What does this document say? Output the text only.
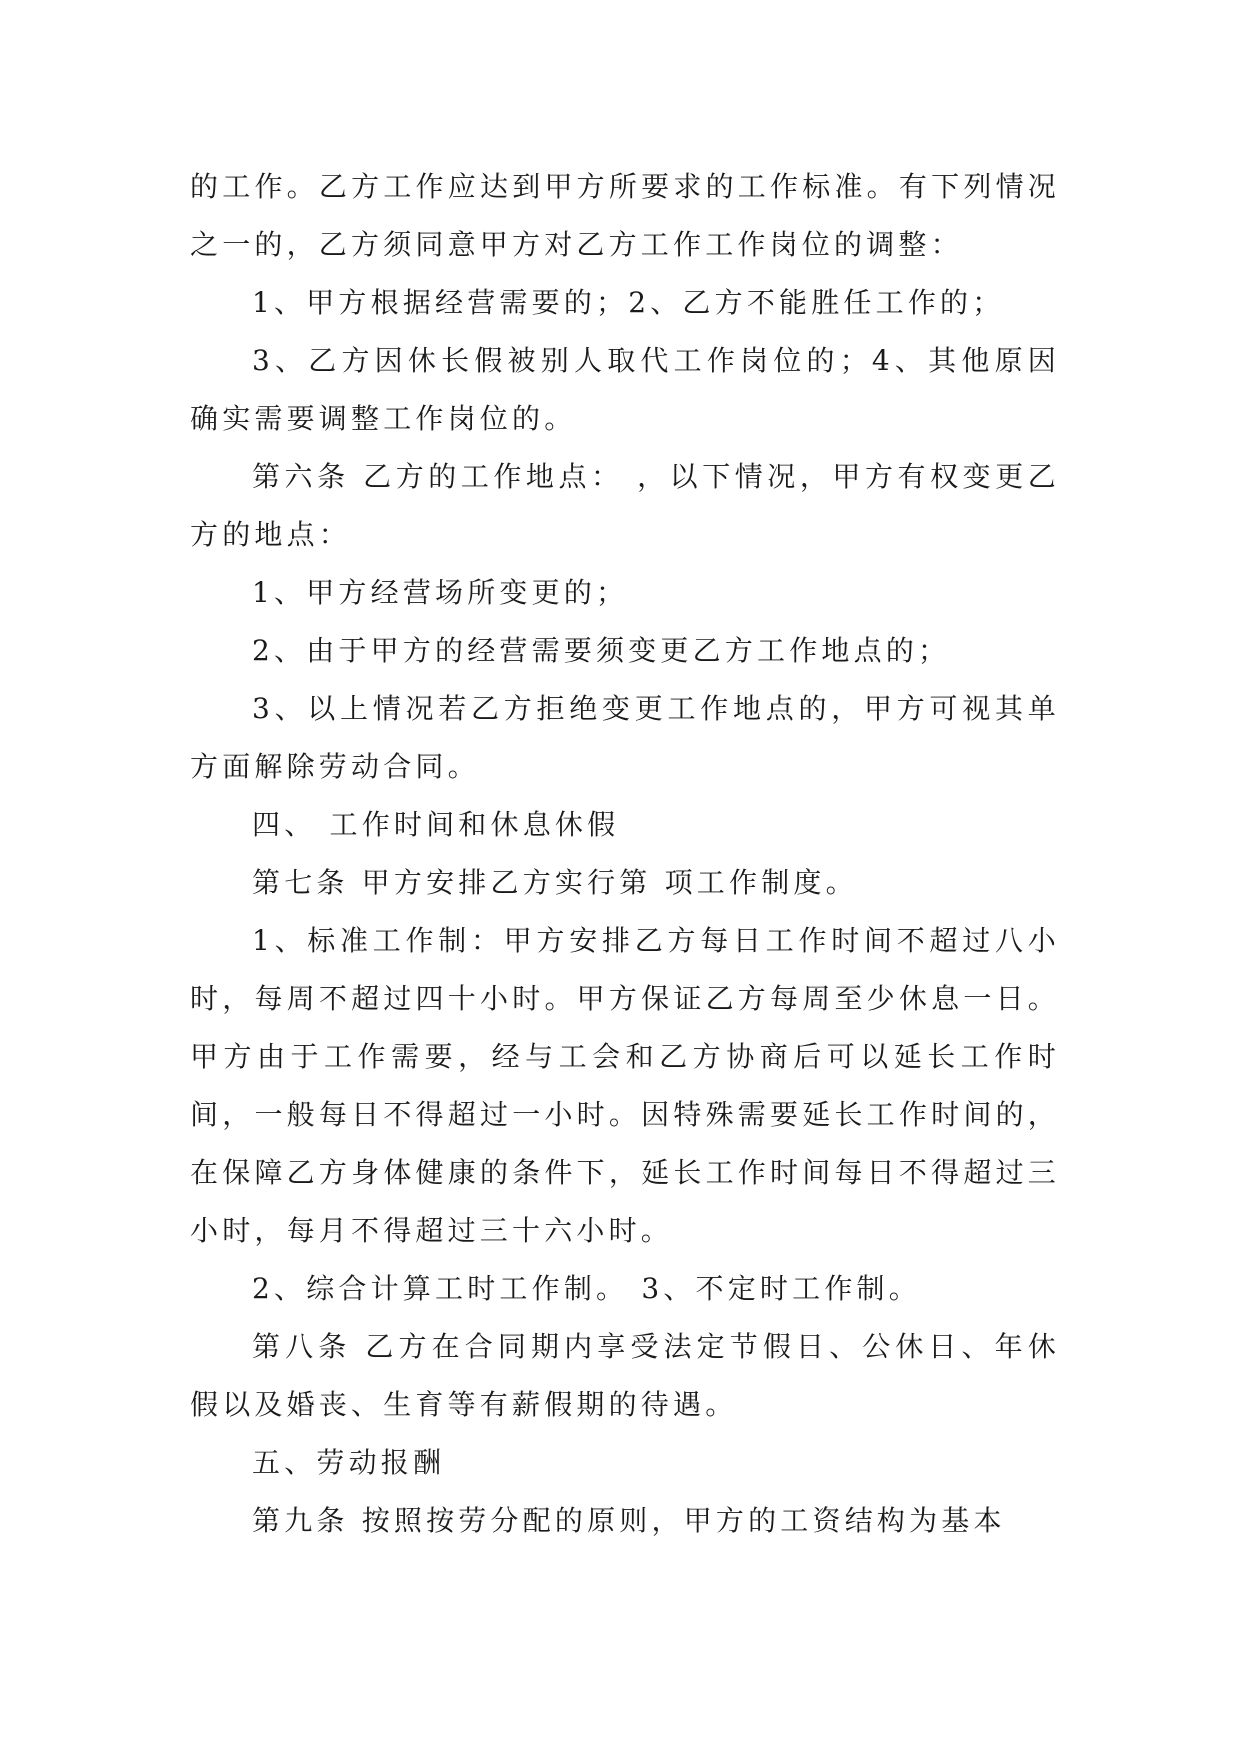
的工作。乙方工作应达到甲方所要求的工作标准。有下列情况之一的，乙方须同意甲方对乙方工作工作岗位的调整：

1、甲方根据经营需要的；2、乙方不能胜任工作的；

3、乙方因休长假被别人取代工作岗位的；4、其他原因确实需要调整工作岗位的。

第六条 乙方的工作地点： ，以下情况，甲方有权变更乙方的地点：

1、甲方经营场所变更的；

2、由于甲方的经营需要须变更乙方工作地点的；

3、以上情况若乙方拒绝变更工作地点的，甲方可视其单方面解除劳动合同。

四、 工作时间和休息休假

第七条 甲方安排乙方实行第 项工作制度。

1、标准工作制：甲方安排乙方每日工作时间不超过八小时，每周不超过四十小时。甲方保证乙方每周至少休息一日。甲方由于工作需要，经与工会和乙方协商后可以延长工作时间，一般每日不得超过一小时。因特殊需要延长工作时间的，在保障乙方身体健康的条件下，延长工作时间每日不得超过三小时，每月不得超过三十六小时。

2、综合计算工时工作制。 3、不定时工作制。

第八条 乙方在合同期内享受法定节假日、公休日、年休假以及婚丧、生育等有薪假期的待遇。

五、劳动报酬

第九条 按照按劳分配的原则，甲方的工资结构为基本
